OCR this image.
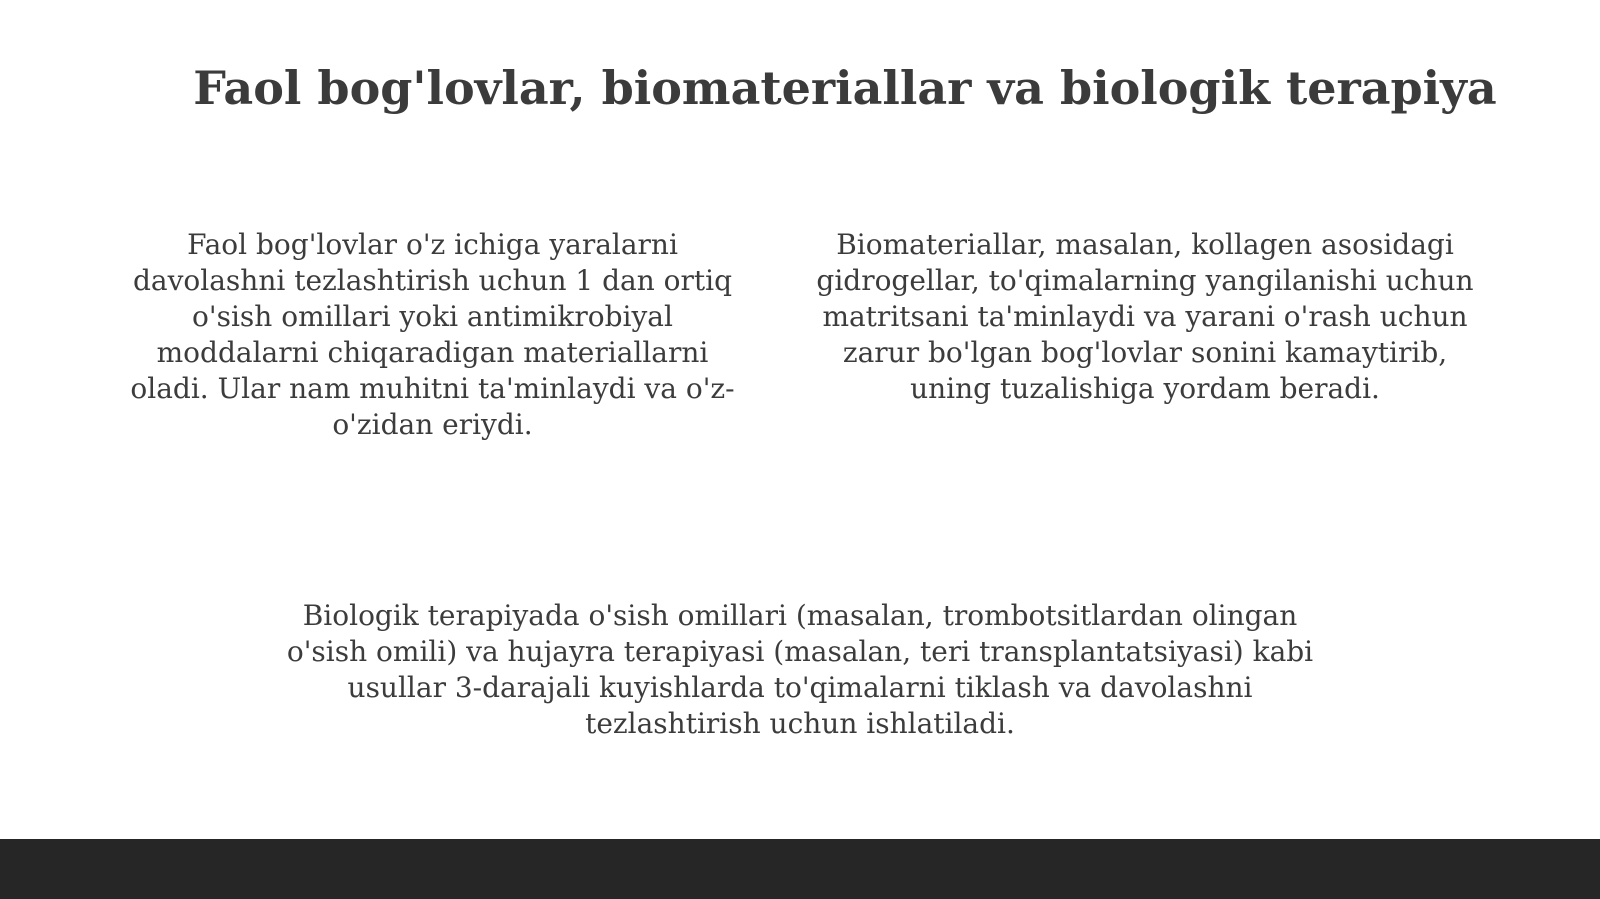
Faol bog'lovlar, biomateriallar va biologik terapiya

Faol bog'lovlar o'z ichiga yaralarni davolashni tezlashtirish uchun 1 dan ortiq o'sish omillari yoki antimikrobiyal moddalarni chiqaradigan materiallarni oladi. Ular nam muhitni ta'minlaydi va o'z-o'zidan eriydi.

Biomateriallar, masalan, kollagen asosidagi gidrogellar, to'qimalarning yangilanishi uchun matritsani ta'minlaydi va yarani o'rash uchun zarur bo'lgan bog'lovlar sonini kamaytirib, uning tuzalishiga yordam beradi.

Biologik terapiyada o'sish omillari (masalan, trombotsitlardan olingan o'sish omili) va hujayra terapiyasi (masalan, teri transplantatsiyasi) kabi usullar 3-darajali kuyishlarda to'qimalarni tiklash va davolashni tezlashtirish uchun ishlatiladi.
